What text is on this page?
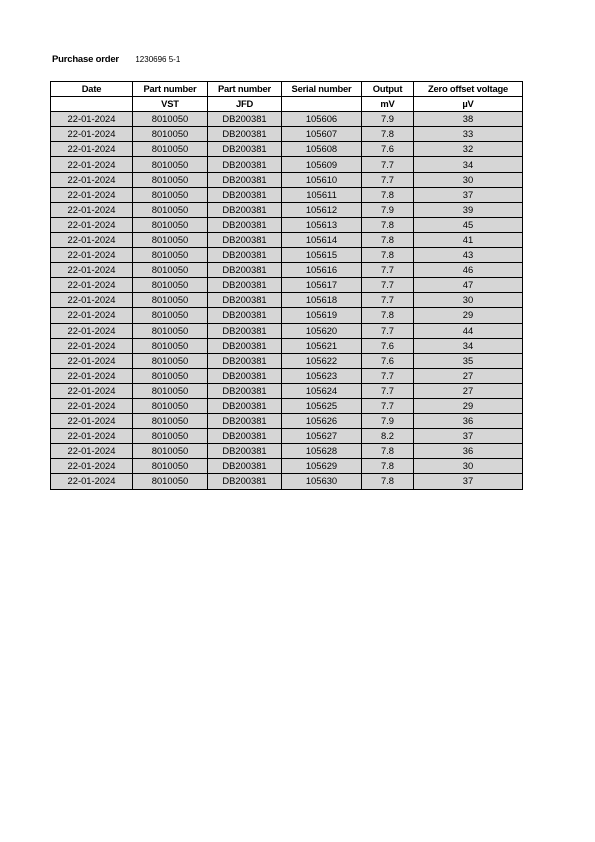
Purchase order 1230696 5-1
Date	Part number	Part number	Serial number	Output	Zero offset voltage
	VST	JFD		mV	µV
22-01-2024	8010050	DB200381	105606	7.9	38
22-01-2024	8010050	DB200381	105607	7.8	33
22-01-2024	8010050	DB200381	105608	7.6	32
22-01-2024	8010050	DB200381	105609	7.7	34
22-01-2024	8010050	DB200381	105610	7.7	30
22-01-2024	8010050	DB200381	105611	7.8	37
22-01-2024	8010050	DB200381	105612	7.9	39
22-01-2024	8010050	DB200381	105613	7.8	45
22-01-2024	8010050	DB200381	105614	7.8	41
22-01-2024	8010050	DB200381	105615	7.8	43
22-01-2024	8010050	DB200381	105616	7.7	46
22-01-2024	8010050	DB200381	105617	7.7	47
22-01-2024	8010050	DB200381	105618	7.7	30
22-01-2024	8010050	DB200381	105619	7.8	29
22-01-2024	8010050	DB200381	105620	7.7	44
22-01-2024	8010050	DB200381	105621	7.6	34
22-01-2024	8010050	DB200381	105622	7.6	35
22-01-2024	8010050	DB200381	105623	7.7	27
22-01-2024	8010050	DB200381	105624	7.7	27
22-01-2024	8010050	DB200381	105625	7.7	29
22-01-2024	8010050	DB200381	105626	7.9	36
22-01-2024	8010050	DB200381	105627	8.2	37
22-01-2024	8010050	DB200381	105628	7.8	36
22-01-2024	8010050	DB200381	105629	7.8	30
22-01-2024	8010050	DB200381	105630	7.8	37
